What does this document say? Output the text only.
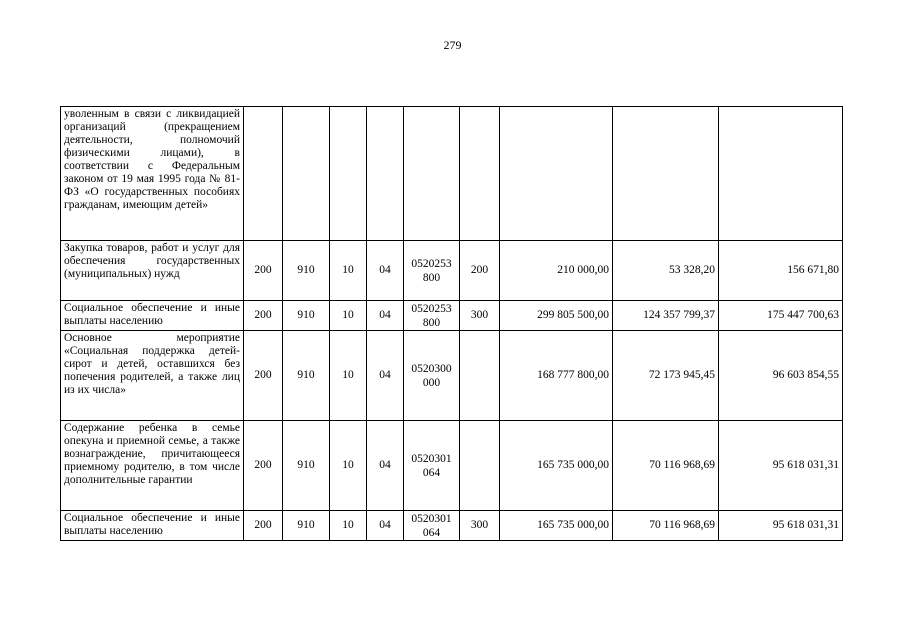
279
уволенным в связи с ликвидацией организаций (прекращением деятельности, полномочий физическими лицами), в соответствии с Федеральным законом от 19 мая 1995 года № 81-ФЗ «О государственных пособиях гражданам, имеющим детей»									
Закупка товаров, работ и услуг для обеспечения государственных (муниципальных) нужд	200	910	10	04	0520253 800	200	210 000,00	53 328,20	156 671,80
Социальное обеспечение и иные выплаты населению	200	910	10	04	0520253 800	300	299 805 500,00	124 357 799,37	175 447 700,63
Основное мероприятие «Социальная поддержка детей-сирот и детей, оставшихся без попечения родителей, а также лиц из их числа»	200	910	10	04	0520300 000		168 777 800,00	72 173 945,45	96 603 854,55
Содержание ребенка в семье опекуна и приемной семье, а также вознаграждение, причитающееся приемному родителю, в том числе дополнительные гарантии	200	910	10	04	0520301 064		165 735 000,00	70 116 968,69	95 618 031,31
Социальное обеспечение и иные выплаты населению	200	910	10	04	0520301 064	300	165 735 000,00	70 116 968,69	95 618 031,31
